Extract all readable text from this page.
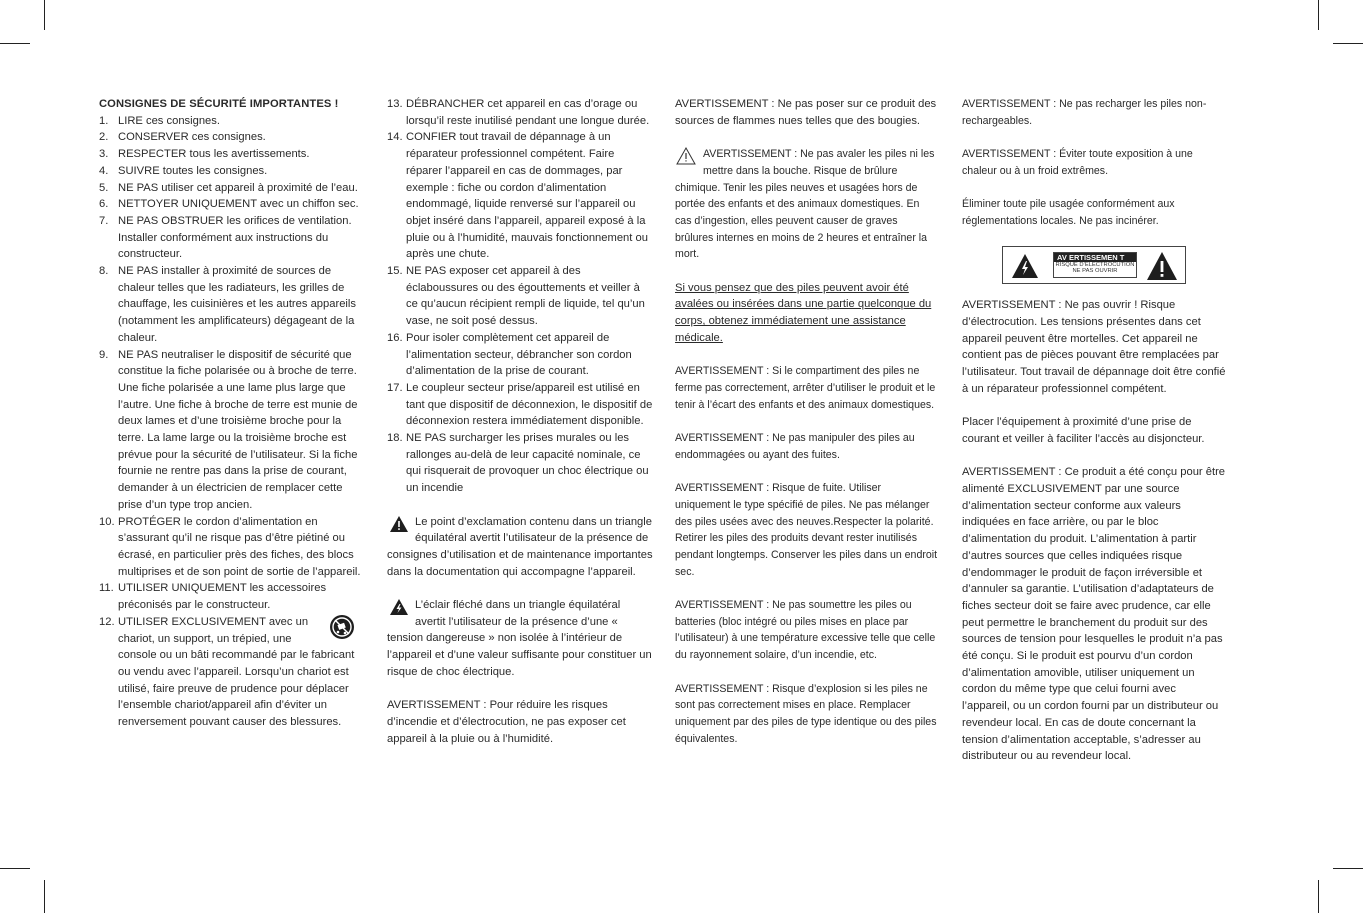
CONSIGNES DE SÉCURITÉ IMPORTANTES !
1. LIRE ces consignes.
2. CONSERVER ces consignes.
3. RESPECTER tous les avertissements.
4. SUIVRE toutes les consignes.
5. NE PAS utiliser cet appareil à proximité de l’eau.
6. NETTOYER UNIQUEMENT avec un chiffon sec.
7. NE PAS OBSTRUER les orifices de ventilation. Installer conformément aux instructions du constructeur.
8. NE PAS installer à proximité de sources de chaleur telles que les radiateurs, les grilles de chauffage, les cuisinières et les autres appareils (notamment les amplificateurs) dégageant de la chaleur.
9. NE PAS neutraliser le dispositif de sécurité que constitue la fiche polarisée ou à broche de terre. Une fiche polarisée a une lame plus large que l’autre. Une fiche à broche de terre est munie de deux lames et d’une troisième broche pour la terre. La lame large ou la troisième broche est prévue pour la sécurité de l’utilisateur. Si la fiche fournie ne rentre pas dans la prise de courant, demander à un électricien de remplacer cette prise d’un type trop ancien.
10. PROTÉGER le cordon d’alimentation en s’assurant qu’il ne risque pas d’être piétiné ou écrasé, en particulier près des fiches, des blocs multiprises et de son point de sortie de l’appareil.
11. UTILISER UNIQUEMENT les accessoires préconisés par le constructeur.
12. UTILISER EXCLUSIVEMENT avec un chariot, un support, un trépied, une console ou un bâti recommandé par le fabricant ou vendu avec l’appareil. Lorsqu’un chariot est utilisé, faire preuve de prudence pour déplacer l’ensemble chariot/appareil afin d’éviter un renversement pouvant causer des blessures.
13. DÉBRANCHER cet appareil en cas d’orage ou lorsqu’il reste inutilisé pendant une longue durée.
14. CONFIER tout travail de dépannage à un réparateur professionnel compétent. Faire réparer l’appareil en cas de dommages, par exemple : fiche ou cordon d’alimentation endommagé, liquide renversé sur l’appareil ou objet inséré dans l’appareil, appareil exposé à la pluie ou à l’humidité, mauvais fonctionnement ou après une chute.
15. NE PAS exposer cet appareil à des éclaboussures ou des égouttements et veiller à ce qu’aucun récipient rempli de liquide, tel qu’un vase, ne soit posé dessus.
16. Pour isoler complètement cet appareil de l’alimentation secteur, débrancher son cordon d’alimentation de la prise de courant.
17. Le coupleur secteur prise/appareil est utilisé en tant que dispositif de déconnexion, le dispositif de déconnexion restera immédiatement disponible.
18. NE PAS surcharger les prises murales ou les rallonges au-delà de leur capacité nominale, ce qui risquerait de provoquer un choc électrique ou un incendie

Le point d’exclamation contenu dans un triangle équilatéral avertit l’utilisateur de la présence de consignes d’utilisation et de maintenance importantes dans la documentation qui accompagne l’appareil.

L’éclair fléché dans un triangle équilatéral avertit l’utilisateur de la présence d’une « tension dangereuse » non isolée à l’intérieur de l’appareil et d’une valeur suffisante pour constituer un risque de choc électrique.

AVERTISSEMENT : Pour réduire les risques d’incendie et d’électrocution, ne pas exposer cet appareil à la pluie ou à l’humidité.

AVERTISSEMENT : Ne pas poser sur ce produit des sources de flammes nues telles que des bougies.

AVERTISSEMENT : Ne pas avaler les piles ni les mettre dans la bouche. Risque de brûlure chimique. Tenir les piles neuves et usagées hors de portée des enfants et des animaux domestiques. En cas d’ingestion, elles peuvent causer de graves brûlures internes en moins de 2 heures et entraîner la mort.

Si vous pensez que des piles peuvent avoir été avalées ou insérées dans une partie quelconque du corps, obtenez immédiatement une assistance médicale.

AVERTISSEMENT : Si le compartiment des piles ne ferme pas correctement, arrêter d’utiliser le produit et le tenir à l’écart des enfants et des animaux domestiques.

AVERTISSEMENT : Ne pas manipuler des piles au endommagées ou ayant des fuites.

AVERTISSEMENT : Risque de fuite. Utiliser uniquement le type spécifié de piles. Ne pas mélanger des piles usées avec des neuves.Respecter la polarité. Retirer les piles des produits devant rester inutilisés pendant longtemps. Conserver les piles dans un endroit sec.

AVERTISSEMENT : Ne pas soumettre les piles ou batteries (bloc intégré ou piles mises en place par l’utilisateur) à une température excessive telle que celle du rayonnement solaire, d’un incendie, etc.

AVERTISSEMENT : Risque d’explosion si les piles ne sont pas correctement mises en place. Remplacer uniquement par des piles de type identique ou des piles équivalentes.

AVERTISSEMENT : Ne pas recharger les piles non-rechargeables.

AVERTISSEMENT : Éviter toute exposition à une chaleur ou à un froid extrêmes.

Éliminer toute pile usagée conformément aux réglementations locales. Ne pas incinérer.

AV ERTISSEMEN T
RISQUE D’ÉLECTROCUTION NE PAS OUVRIR

AVERTISSEMENT : Ne pas ouvrir ! Risque d’électrocution. Les tensions présentes dans cet appareil peuvent être mortelles. Cet appareil ne contient pas de pièces pouvant être remplacées par l’utilisateur. Tout travail de dépannage doit être confié à un réparateur professionnel compétent.

Placer l’équipement à proximité d’une prise de courant et veiller à faciliter l’accès au disjoncteur.

AVERTISSEMENT : Ce produit a été conçu pour être alimenté EXCLUSIVEMENT par une source d’alimentation secteur conforme aux valeurs indiquées en face arrière, ou par le bloc d’alimentation du produit. L’alimentation à partir d’autres sources que celles indiquées risque d’endommager le produit de façon irréversible et d’annuler sa garantie. L’utilisation d’adaptateurs de fiches secteur doit se faire avec prudence, car elle peut permettre le branchement du produit sur des sources de tension pour lesquelles le produit n’a pas été conçu. Si le produit est pourvu d’un cordon d’alimentation amovible, utiliser uniquement un cordon du même type que celui fourni avec l’appareil, ou un cordon fourni par un distributeur ou revendeur local. En cas de doute concernant la tension d’alimentation acceptable, s’adresser au distributeur ou au revendeur local.
